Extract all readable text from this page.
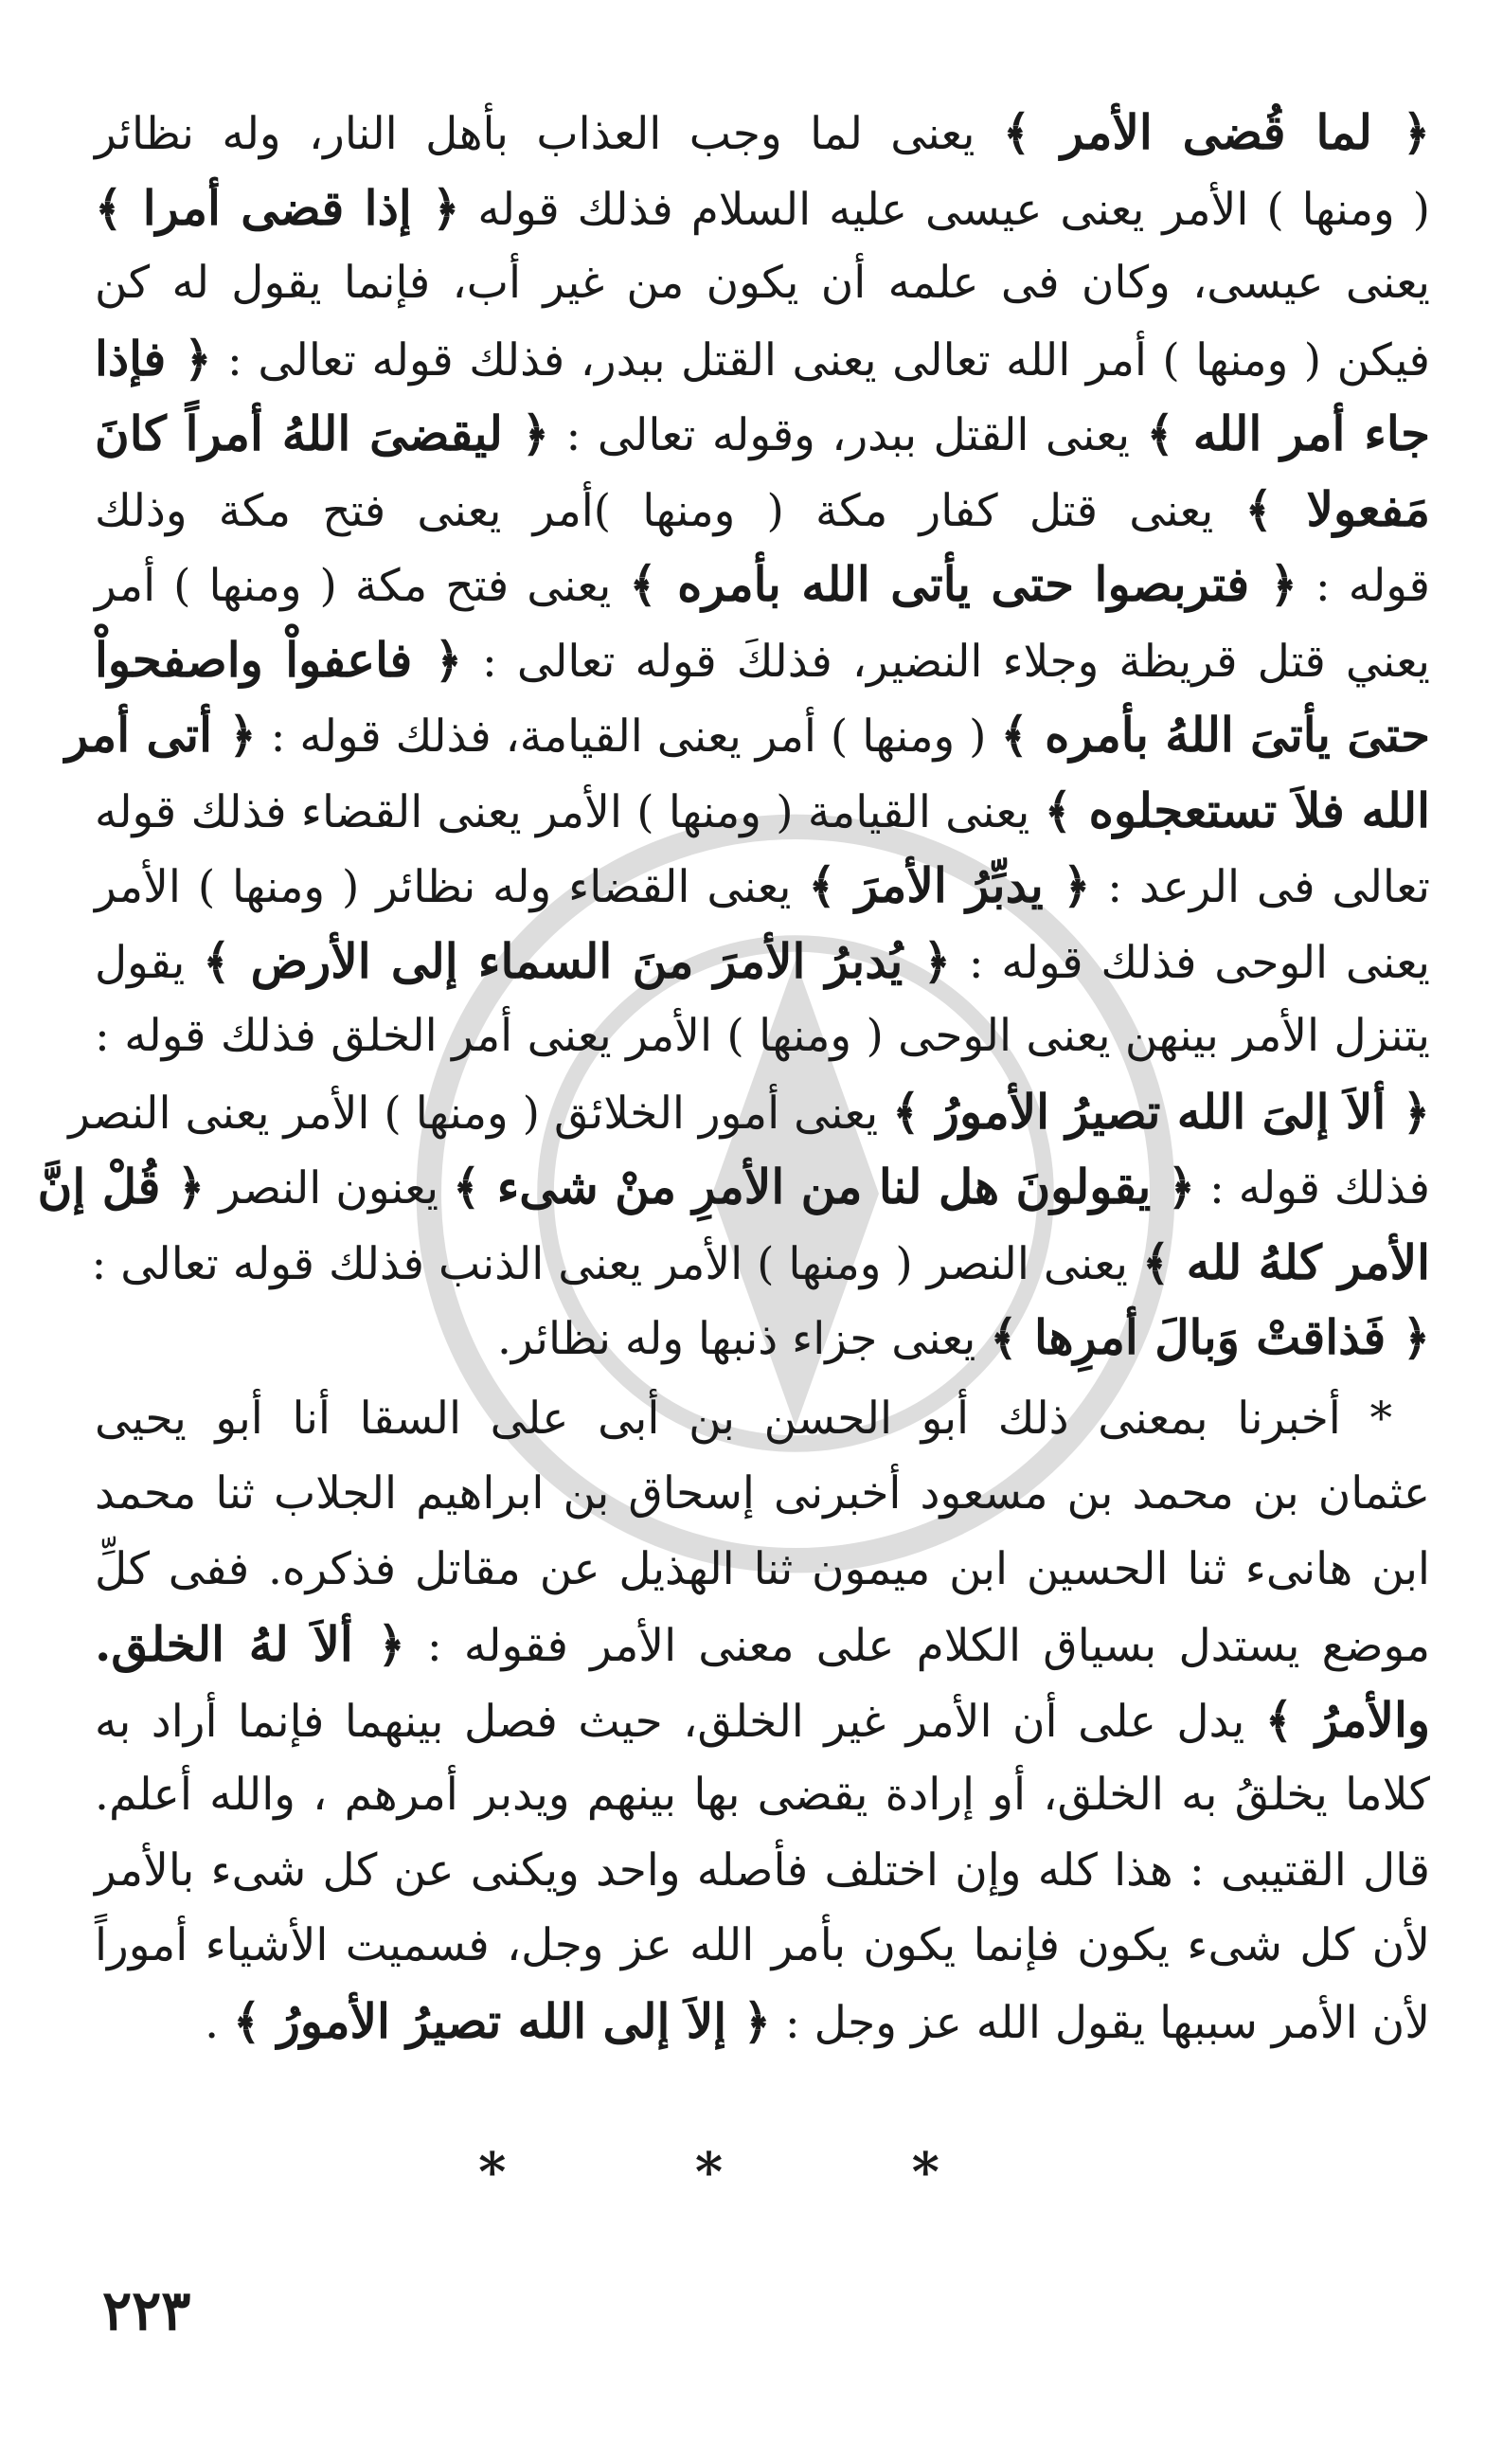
﴿ لما قُضى الأمر ﴾ يعنى لما وجب العذاب بأهل النار، وله نظائر
( ومنها ) الأمر يعنى عيسى عليه السلام فذلك قوله ﴿ إذا قضى أمرا ﴾
يعنى عيسى، وكان فى علمه أن يكون من غير أب، فإنما يقول له كن
فيكن ( ومنها ) أمر الله تعالى يعنى القتل ببدر، فذلك قوله تعالى : ﴿ فإذا
جاء أمر الله ﴾ يعنى القتل ببدر، وقوله تعالى : ﴿ ليقضىَ اللهُ أمراً كانَ
مَفعولا ﴾ يعنى قتل كفار مكة ( ومنها )أمر يعنى فتح مكة وذلك
قوله : ﴿ فتربصوا حتى يأتى الله بأمره ﴾ يعنى فتح مكة ( ومنها ) أمر
يعني قتل قريظة وجلاء النضير، فذلكَ قوله تعالى : ﴿ فاعفواْ واصفحواْ
حتىَ يأتىَ اللهُ بأمره ﴾ ( ومنها ) أمر يعنى القيامة، فذلك قوله : ﴿ أتى أمر
الله فلاَ تستعجلوه ﴾ يعنى القيامة ( ومنها ) الأمر يعنى القضاء فذلك قوله
تعالى فى الرعد : ﴿ يدبِّرُ الأمرَ ﴾ يعنى القضاء وله نظائر ( ومنها ) الأمر
يعنى الوحى فذلك قوله : ﴿ يُدبرُ الأمرَ منَ السماء إلى الأرض ﴾ يقول
يتنزل الأمر بينهن يعنى الوحى ( ومنها ) الأمر يعنى أمر الخلق فذلك قوله :
﴿ ألاَ إلىَ الله تصيرُ الأمورُ ﴾ يعنى أمور الخلائق ( ومنها ) الأمر يعنى النصر
فذلك قوله : ﴿ يقولونَ هل لنا من الأمرِ منْ شىء ﴾ يعنون النصر ﴿ قُلْ إنَّ
الأمر كلهُ لله ﴾ يعنى النصر ( ومنها ) الأمر يعنى الذنب فذلك قوله تعالى :
﴿ فَذاقتْ وَبالَ أمرِها ﴾ يعنى جزاء ذنبها وله نظائر.
* أخبرنا بمعنى ذلك أبو الحسن بن أبى على السقا أنا أبو يحيى
عثمان بن محمد بن مسعود أخبرنى إسحاق بن ابراهيم الجلاب ثنا محمد
ابن هانىء ثنا الحسين ابن ميمون ثنا الهذيل عن مقاتل فذكره. ففى كلِّ
موضع يستدل بسياق الكلام على معنى الأمر فقوله : ﴿ ألاَ لهُ الخلق.
والأمرُ ﴾ يدل على أن الأمر غير الخلق، حيث فصل بينهما فإنما أراد به
كلاما يخلقُ به الخلق، أو إرادة يقضى بها بينهم ويدبر أمرهم ، والله أعلم.
قال القتيبى : هذا كله وإن اختلف فأصله واحد ويكنى عن كل شىء بالأمر
لأن كل شىء يكون فإنما يكون بأمر الله عز وجل، فسميت الأشياء أموراً
لأن الأمر سببها يقول الله عز وجل : ﴿ إلاَ إلى الله تصيرُ الأمورُ ﴾ .
* * *
٢٢٣
